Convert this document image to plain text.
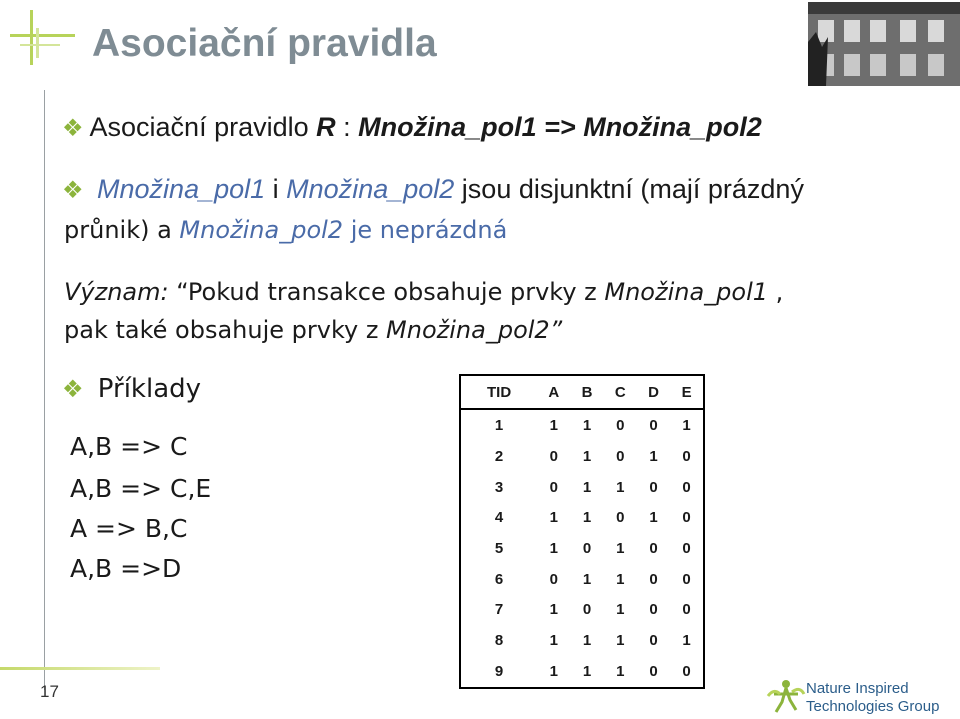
Asociační pravidla
❖ Asociační pravidlo R : Množina_pol1 => Množina_pol2
❖ Množina_pol1 i Množina_pol2 jsou disjunktní (mají prázdný
průnik) a Množina_pol2 je neprázdná
Význam: “Pokud transakce obsahuje prvky z Množina_pol1 ,
pak také obsahuje prvky z Množina_pol2”
❖ Příklady
A,B => C
A,B => C,E
A => B,C
A,B =>D
TID	A	B	C	D	E
1	1	1	0	0	1
2	0	1	0	1	0
3	0	1	1	0	0
4	1	1	0	1	0
5	1	0	1	0	0
6	0	1	1	0	0
7	1	0	1	0	0
8	1	1	1	0	1
9	1	1	1	0	0
17	Nature Inspired
Technologies Group
